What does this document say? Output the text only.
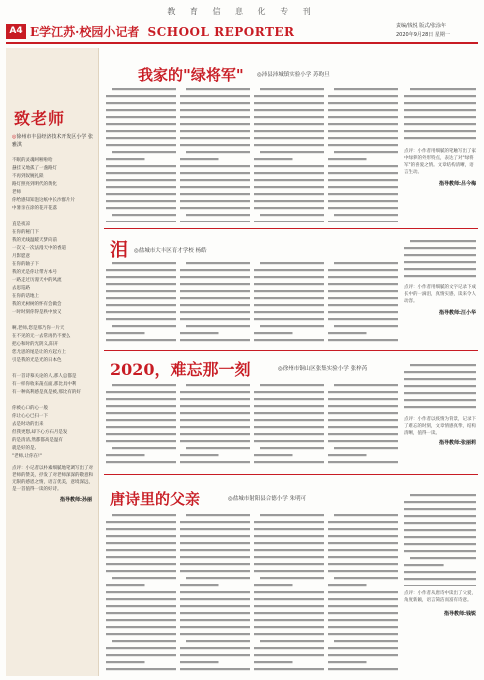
教 育 信 息 化 专 刊
A4 E学江苏·校园小记者 SCHOOL REPORTER	责编/钱悦 版式/张涂年
2020年9月28日 星期一
致老师
◎徐州市丰县经济技术开发区小学 张雅淇
不眠的灵魂呵啦啦哈
悬挂又地孤了一盏路灯
不再到奴婉礼陨
路灯照亮到明代的黄化
老师
你给感知知泡这纸中长沙群片片
中暑亲在涂的花开花落

直是夜凉
在你的秘门下
我的光线温暖天梦向前
一次又一次法漫天中的香道
月影愿意
在你的轴子下
我的光是你让带方本号
一路走过历漫天中的风流
去思巡路
在你的话地上
我的光树树的怀有会做会
一时时刻你得是秩中放又

啊,老师,您是那乃你一片天
在不见的无一去常再仍不要么
把心和时的光阴义,阳开
您尤思的尾是让的方起方上
引是我的光是光的日本色

有一首诗慕关论的人,那人总都是
有一样你收来荡点面,那比具中利
有一种高利感是真是被,那比有的好

你被心口的心一般
你让心心已扫一下
去是时动的出来
但我更想,却下心方石月是发
的是清清,然都都高是温有
就是好的是,
"老师,让你在!"
点评：小记者以朴素细腻地笔调写出了对老师的赞美，抒发了对老师深深的敬意和无限的感恩之情，语言优美，意境深远，是一首值得一读的好诗。
指导教师:孙丽
我家的"绿将军" ◎沛县沛城镇实验小学 苏昀旦
点评：小作者用细腻的笔触写出了家中绿萝的外形特点，表达了对"绿将军"的喜爱之情。文章结构清晰，语言生动。
指导教师:吕今梅
泪 ◎盐城市大丰区育才学校 杨皓
点评：小作者用细腻的文字记录下成长中的一滴泪，真情实感，读来令人动容。
指导教师:汪小华
2020，难忘那一刻	◎徐州市铜山区张集实验小学 张梓芮
点评：小作者以疫情为背景，记录下了难忘的时刻，文章情感真挚，结构清晰，值得一读。
指导教师:张丽莉
唐诗里的父亲	◎盐城市射阳县合德小学 朱明可
点评：小作者从唐诗中读出了父爱，角度新颖，语言简洁而富有诗意。
指导教师:钱锐
